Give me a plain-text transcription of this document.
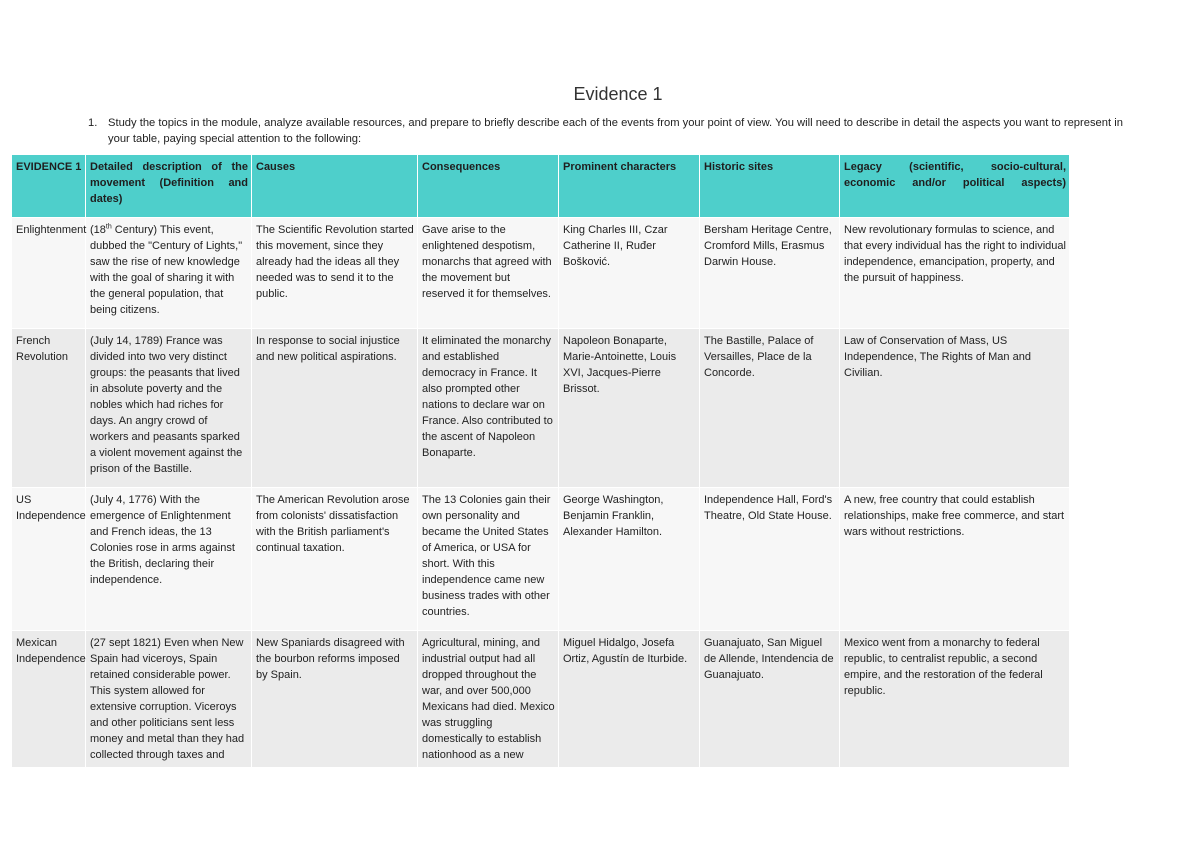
Evidence 1
1. Study the topics in the module, analyze available resources, and prepare to briefly describe each of the events from your point of view. You will need to describe in detail the aspects you want to represent in your table, paying special attention to the following:
EVIDENCE 1	Detailed description of the movement (Definition and dates)	Causes	Consequences	Prominent characters	Historic sites	Legacy (scientific, socio-cultural, economic and/or political aspects)
Enlightenment	(18th Century) This event, dubbed the "Century of Lights," saw the rise of new knowledge with the goal of sharing it with the general population, that being citizens.	The Scientific Revolution started this movement, since they already had the ideas all they needed was to send it to the public.	Gave arise to the enlightened despotism, monarchs that agreed with the movement but reserved it for themselves.	King Charles III, Czar Catherine II, Ruđer Bošković.	Bersham Heritage Centre, Cromford Mills, Erasmus Darwin House.	New revolutionary formulas to science, and that every individual has the right to individual independence, emancipation, property, and the pursuit of happiness.
French Revolution	(July 14, 1789) France was divided into two very distinct groups: the peasants that lived in absolute poverty and the nobles which had riches for days. An angry crowd of workers and peasants sparked a violent movement against the prison of the Bastille.	In response to social injustice and new political aspirations.	It eliminated the monarchy and established democracy in France. It also prompted other nations to declare war on France. Also contributed to the ascent of Napoleon Bonaparte.	Napoleon Bonaparte, Marie-Antoinette, Louis XVI, Jacques-Pierre Brissot.	The Bastille, Palace of Versailles, Place de la Concorde.	Law of Conservation of Mass, US Independence, The Rights of Man and Civilian.
US Independence	(July 4, 1776) With the emergence of Enlightenment and French ideas, the 13 Colonies rose in arms against the British, declaring their independence.	The American Revolution arose from colonists' dissatisfaction with the British parliament's continual taxation.	The 13 Colonies gain their own personality and became the United States of America, or USA for short. With this independence came new business trades with other countries.	George Washington, Benjamin Franklin, Alexander Hamilton.	Independence Hall, Ford's Theatre, Old State House.	A new, free country that could establish relationships, make free commerce, and start wars without restrictions.
Mexican Independence	(27 sept 1821) Even when New Spain had viceroys, Spain retained considerable power. This system allowed for extensive corruption. Viceroys and other politicians sent less money and metal than they had collected through taxes and	New Spaniards disagreed with the bourbon reforms imposed by Spain.	Agricultural, mining, and industrial output had all dropped throughout the war, and over 500,000 Mexicans had died. Mexico was struggling domestically to establish nationhood as a new	Miguel Hidalgo, Josefa Ortiz, Agustín de Iturbide.	Guanajuato, San Miguel de Allende, Intendencia de Guanajuato.	Mexico went from a monarchy to federal republic, to centralist republic, a second empire, and the restoration of the federal republic.
